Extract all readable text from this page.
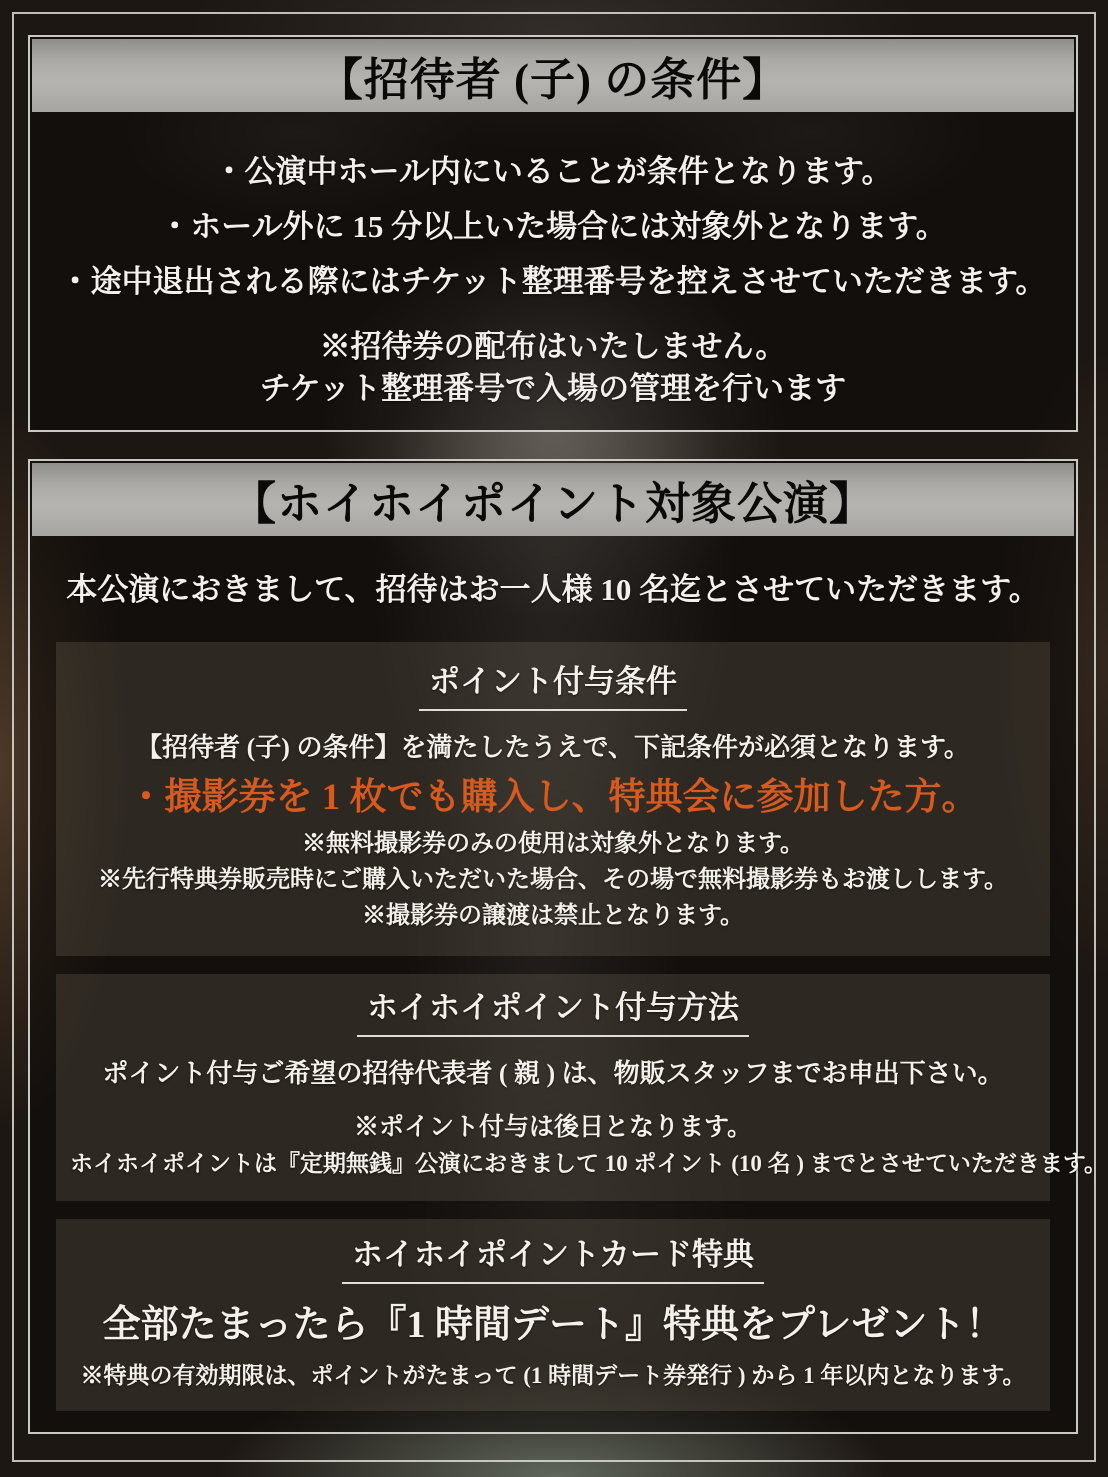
【招待者 (子) の条件】
・公演中ホール内にいることが条件となります。
・ホール外に 15 分以上いた場合には対象外となります。
・途中退出される際にはチケット整理番号を控えさせていただきます。
※招待券の配布はいたしません。
チケット整理番号で入場の管理を行います
【ホイホイポイント対象公演】
本公演におきまして、招待はお一人様 10 名迄とさせていただきます。
ポイント付与条件
【招待者 (子) の条件】を満たしたうえで、下記条件が必須となります。
・撮影券を 1 枚でも購入し、特典会に参加した方。
※無料撮影券のみの使用は対象外となります。
※先行特典券販売時にご購入いただいた場合、その場で無料撮影券もお渡しします。
※撮影券の譲渡は禁止となります。
ホイホイポイント付与方法
ポイント付与ご希望の招待代表者 ( 親 ) は、物販スタッフまでお申出下さい。
※ポイント付与は後日となります。
ホイホイポイントは『定期無銭』公演におきまして 10 ポイント (10 名 ) までとさせていただきます。
ホイホイポイントカード特典
全部たまったら『1 時間デート』特典をプレゼント！
※特典の有効期限は、ポイントがたまって (1 時間デート券発行 ) から 1 年以内となります。
